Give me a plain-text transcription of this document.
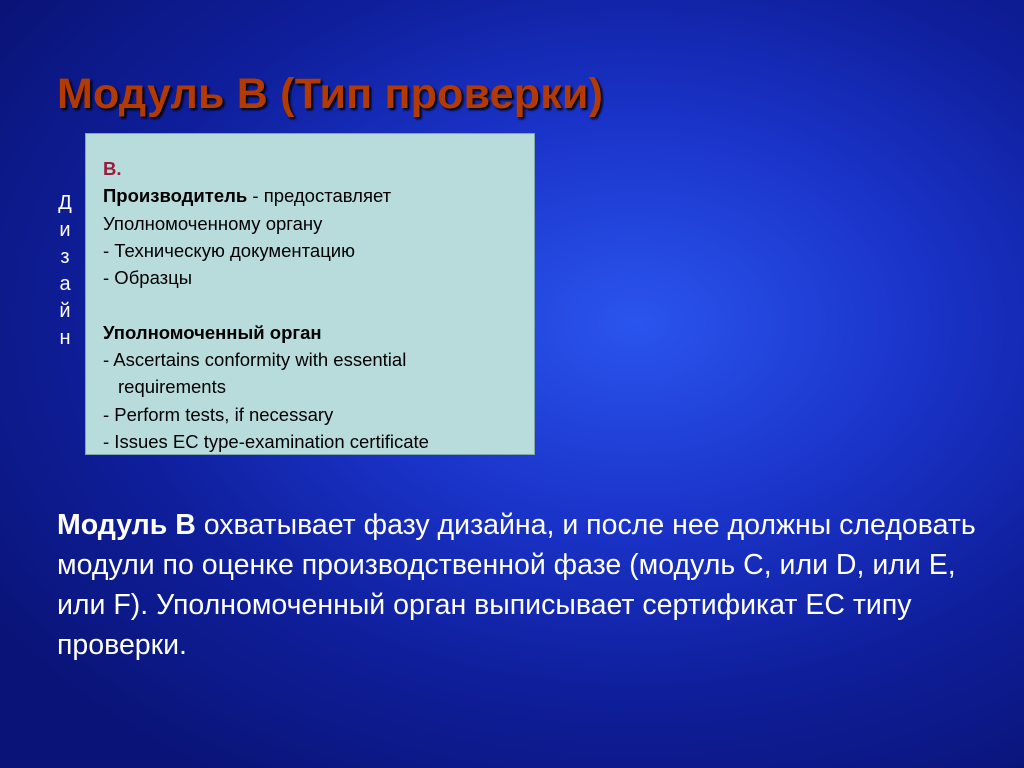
Модуль В (Тип проверки)
Д
и
з
а
й
н
B.
Производитель - предоставляет
Уполномоченному органу
- Техническую документацию
- Образцы
Уполномоченный орган
- Ascertains conformity with essential
requirements
- Perform tests, if necessary
- Issues EC type-examination certificate

Модуль В охватывает фазу дизайна, и после нее должны следовать модули по оценке производственной фазе (модуль C, или D, или E, или F). Уполномоченный орган выписывает сертификат ЕС типу проверки.
